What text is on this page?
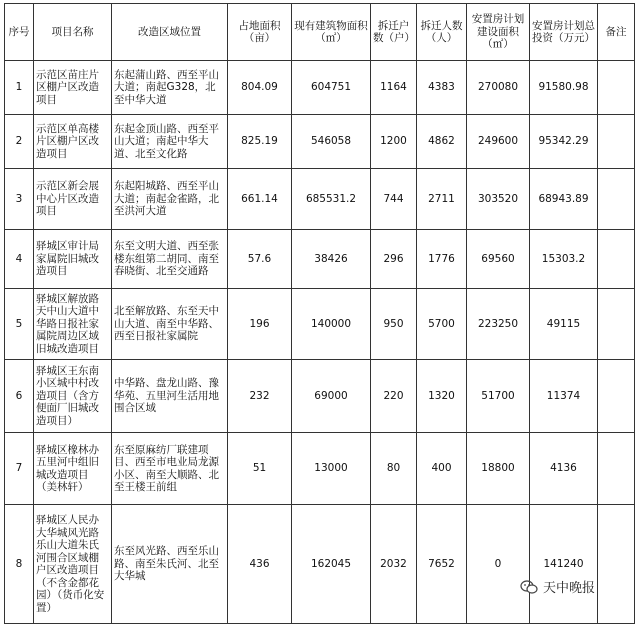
序号	项目名称	改造区域位置	占地面积（亩）	现有建筑物面积（㎡）	拆迁户数（户）	拆迁人数（人）	安置房计划建设面积（㎡）	安置房计划总投资（万元）	备注
1	示范区苗庄片区棚户区改造项目	东起蒲山路、西至平山大道；南起G328，北至中华大道	804.09	604751	1164	4383	270080	91580.98	
2	示范区单高楼片区棚户区改造项目	东起金顶山路、西至平山大道；南起中华大道、北至文化路	825.19	546058	1200	4862	249600	95342.29	
3	示范区新会展中心片区改造项目	东起阳城路、西至平山大道；南起金雀路，北至洪河大道	661.14	685531.2	744	2711	303520	68943.89	
4	驿城区审计局家属院旧城改造项目	东至文明大道、西至张楼东组第二胡同、南至春晓街、北至交通路	57.6	38426	296	1776	69560	15303.2	
5	驿城区解放路天中山大道中华路日报社家属院周边区域旧城改造项目	北至解放路、东至天中山大道、南至中华路、西至日报社家属院	196	140000	950	5700	223250	49115	
6	驿城区王东南小区城中村改造项目（含方便面厂旧城改造项目）	中华路、盘龙山路、豫华苑、五里河生活用地围合区域	232	69000	220	1320	51700	11374	
7	驿城区橡林办五里河中组旧城改造项目（美林轩）	东至原麻纺厂联建项目、西至市电业局龙源小区、南至大顺路、北至王楼王前组	51	13000	80	400	18800	4136	
8	驿城区人民办大华城风光路乐山大道朱氏河围合区域棚户区改造项目（不含金都花园）（货币化安置）	东至风光路、西至乐山路、南至朱氏河、北至大华城	436	162045	2032	7652	0	141240	
天中晚报
